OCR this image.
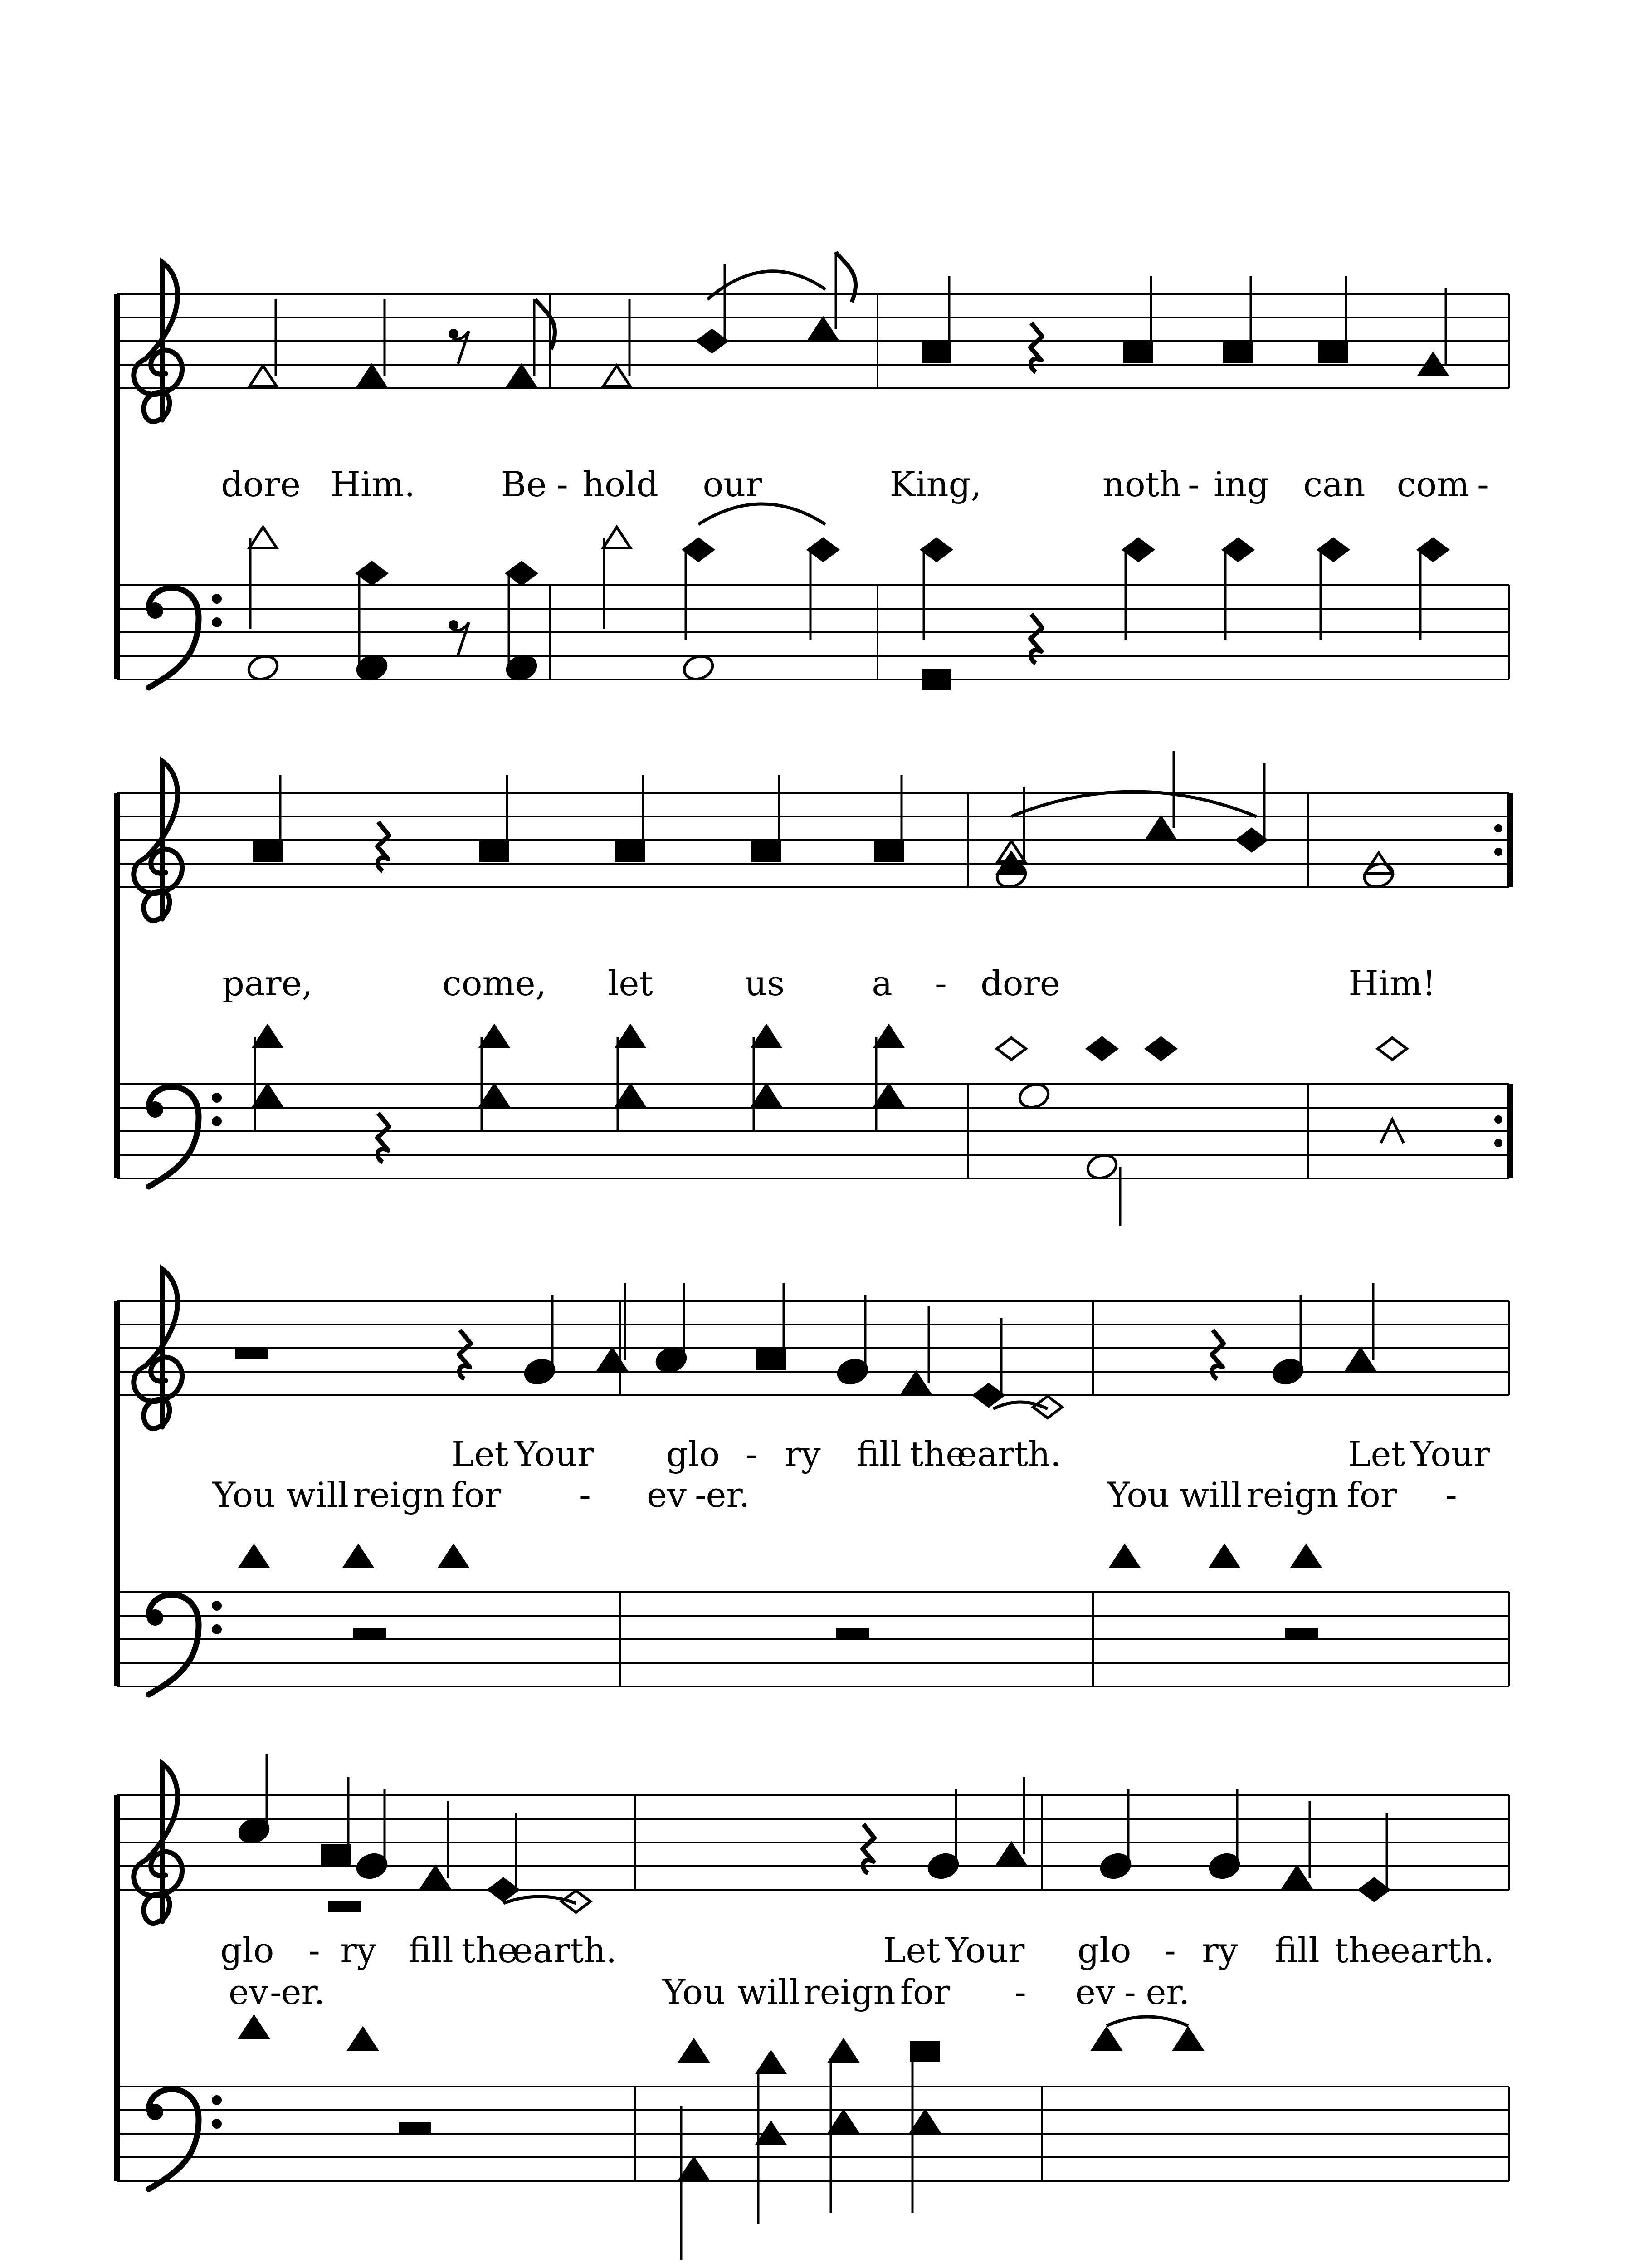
dore Him. Be - hold our	King,	noth - ing can com -
pare,	come, let	us	a - dore	Him!
Let Your glo - ry fill the
earth.	Let Your
You will reign for - ev -
er.	You will reign for -
glo - ry fill the
earth.	Let Your glo - ry fill the
earth.
ev -
er.	You will reign for - ev - er.
